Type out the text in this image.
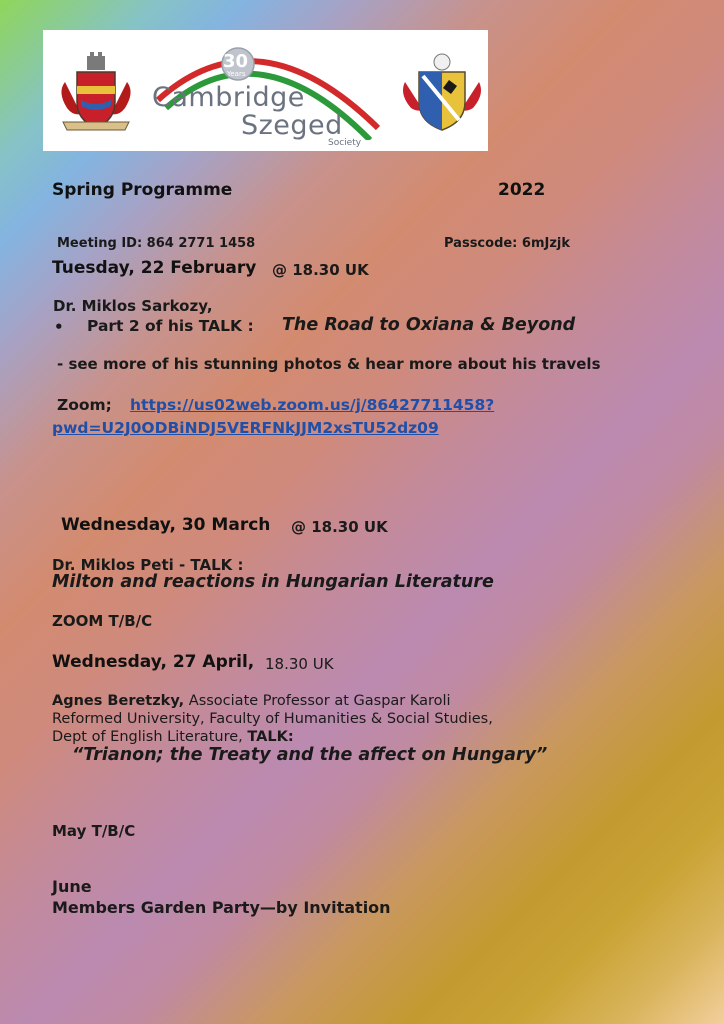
30
Years
Cambridge
Szeged
Society
Spring Programme	2022
Meeting ID: 864 2771 1458	Passcode: 6mJzjk
Tuesday, 22 February @ 18.30 UK
Dr. Miklos Sarkozy,
• Part 2 of his TALK : The Road to Oxiana & Beyond
- see more of his stunning photos & hear more about his travels
Zoom; https://us02web.zoom.us/j/86427711458?
pwd=U2J0ODBiNDJ5VERFNkJJM2xsTU52dz09
Wednesday, 30 March @ 18.30 UK
Dr. Miklos Peti - TALK :
Milton and reactions in Hungarian Literature
ZOOM T/B/C
Wednesday, 27 April, 18.30 UK
Agnes Beretzky, Associate Professor at Gaspar Karoli
Reformed University, Faculty of Humanities & Social Studies,
Dept of English Literature, TALK:
“Trianon; the Treaty and the affect on Hungary”
May T/B/C
June
Members Garden Party—by Invitation
